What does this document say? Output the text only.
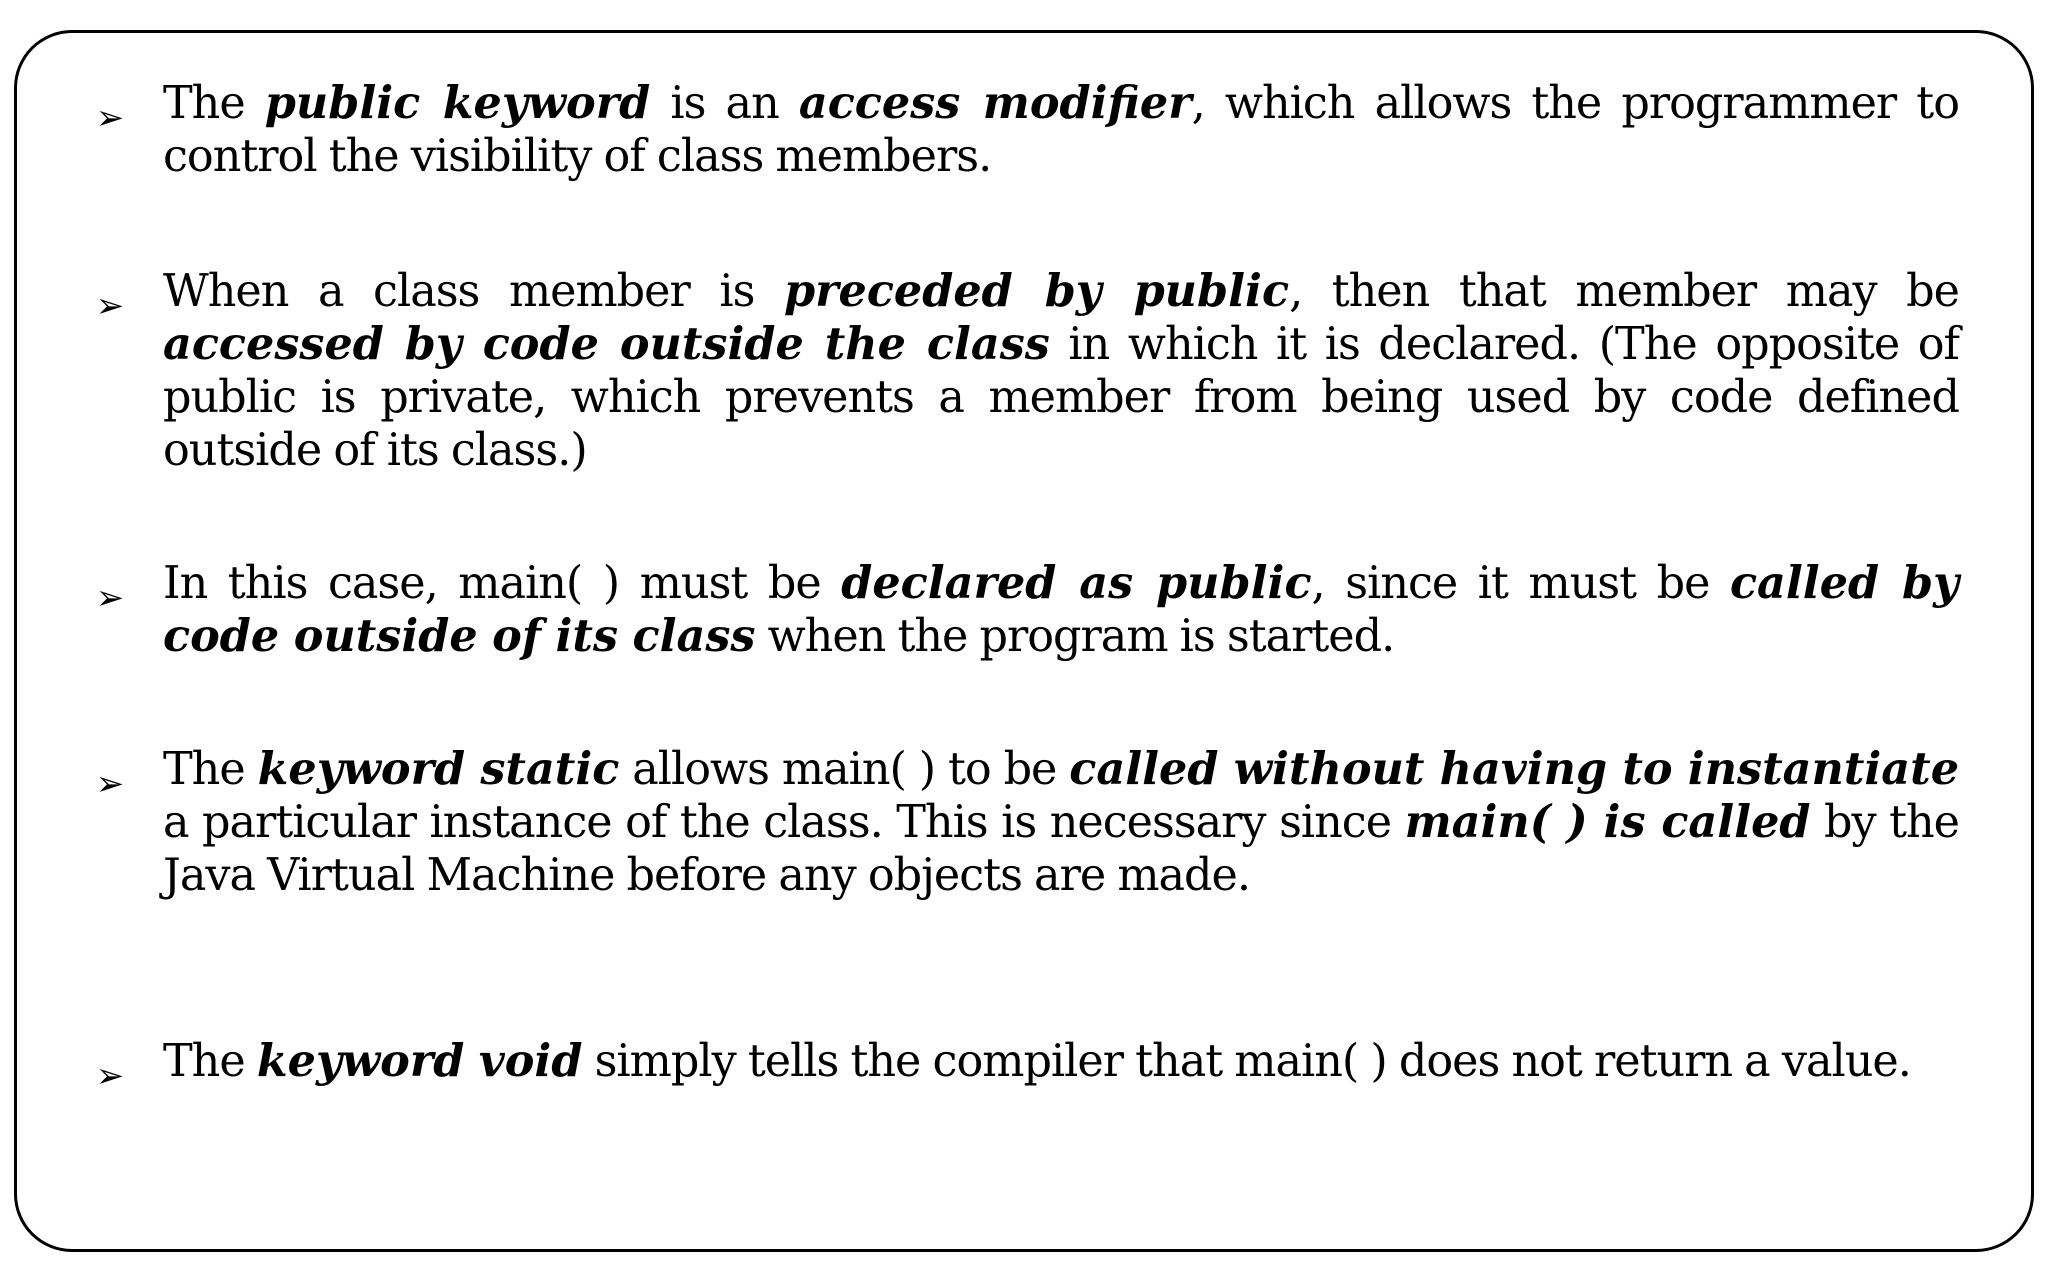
➢ The public keyword is an access modifier, which allows the programmer to control the visibility of class members.

➢ When a class member is preceded by public, then that member may be accessed by code outside the class in which it is declared. (The opposite of public is private, which prevents a member from being used by code defined outside of its class.)

➢ In this case, main( ) must be declared as public, since it must be called by code outside of its class when the program is started.

➢ The keyword static allows main( ) to be called without having to instantiate a particular instance of the class. This is necessary since main( ) is called by the Java Virtual Machine before any objects are made.

➢ The keyword void simply tells the compiler that main( ) does not return a value.
